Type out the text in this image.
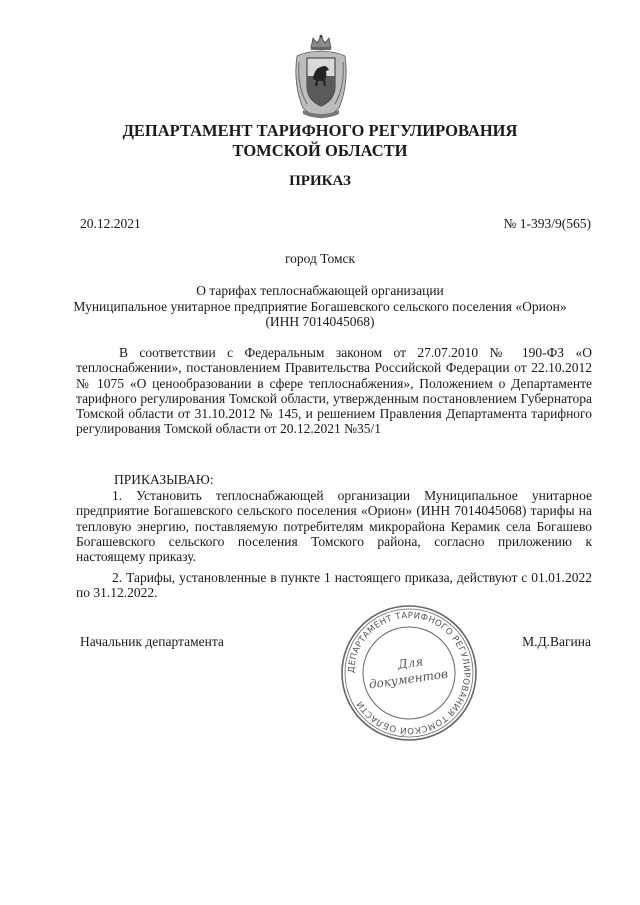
ДЕПАРТАМЕНТ ТАРИФНОГО РЕГУЛИРОВАНИЯ
ТОМСКОЙ ОБЛАСТИ
ПРИКАЗ
20.12.2021	№ 1-393/9(565)
город Томск
О тарифах теплоснабжающей организации
Муниципальное унитарное предприятие Богашевского сельского поселения «Орион»
(ИНН 7014045068)

В соответствии с Федеральным законом от 27.07.2010 № 190-ФЗ «О теплоснабжении», постановлением Правительства Российской Федерации от 22.10.2012 № 1075 «О ценообразовании в сфере теплоснабжения», Положением о Департаменте тарифного регулирования Томской области, утвержденным постановлением Губернатора Томской области от 31.10.2012 № 145, и решением Правления Департамента тарифного регулирования Томской области от 20.12.2021 №35/1

ПРИКАЗЫВАЮ:

1. Установить теплоснабжающей организации Муниципальное унитарное предприятие Богашевского сельского поселения «Орион» (ИНН 7014045068) тарифы на тепловую энергию, поставляемую потребителям микрорайона Керамик села Богашево Богашевского сельского поселения Томского района, согласно приложению к настоящему приказу.

2. Тарифы, установленные в пункте 1 настоящего приказа, действуют с 01.01.2022 по 31.12.2022.

Начальник департамента	М.Д.Вагина
ДЕПАРТАМЕНТ ТАРИФНОГО РЕГУЛИРОВАНИЯ ТОМСКОЙ ОБЛАСТИ
Для
документов
